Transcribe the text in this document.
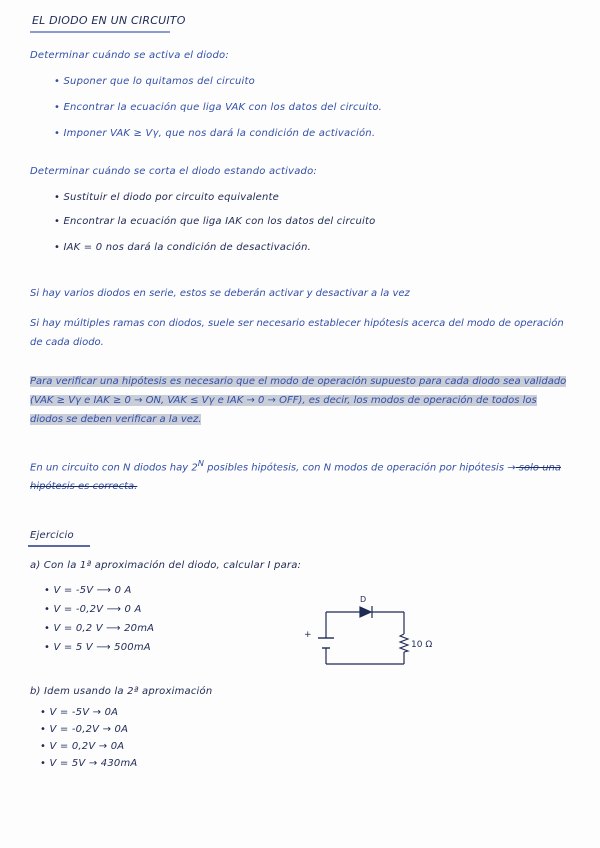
EL DIODO EN UN CIRCUITO
Determinar cuándo se activa el diodo:
• Suponer que lo quitamos del circuito
• Encontrar la ecuación que liga VAK con los datos del circuito.
• Imponer VAK ≥ Vγ, que nos dará la condición de activación.
Determinar cuándo se corta el diodo estando activado:
• Sustituir el diodo por circuito equivalente
• Encontrar la ecuación que liga IAK con los datos del circuito
• IAK = 0 nos dará la condición de desactivación.
Si hay varios diodos en serie, estos se deberán activar y desactivar a la vez
Si hay múltiples ramas con diodos, suele ser necesario establecer hipótesis acerca del modo de operación de cada diodo.
Para verificar una hipótesis es necesario que el modo de operación supuesto para cada diodo sea validado (VAK ≥ Vγ e IAK ≥ 0 → ON, VAK ≤ Vγ e IAK → 0 → OFF), es decir, los modos de operación de todos los diodos se deben verificar a la vez.
En un circuito con N diodos hay $2^N$ posibles hipótesis, con N modos de operación por hipótesis → solo una hipótesis es correcta.
Ejercicio
a) Con la 1ª aproximación del diodo, calcular I para:
• V = -5V ⟶ 0 A
• V = -0,2V ⟶ 0 A
• V = 0,2 V ⟶ 20mA
• V = 5 V ⟶ 500mA
b) Idem usando la 2ª aproximación
• V = -5V → 0A
• V = -0,2V → 0A
• V = 0,2V → 0A
• V = 5V → 430mA
D
+
10 Ω
